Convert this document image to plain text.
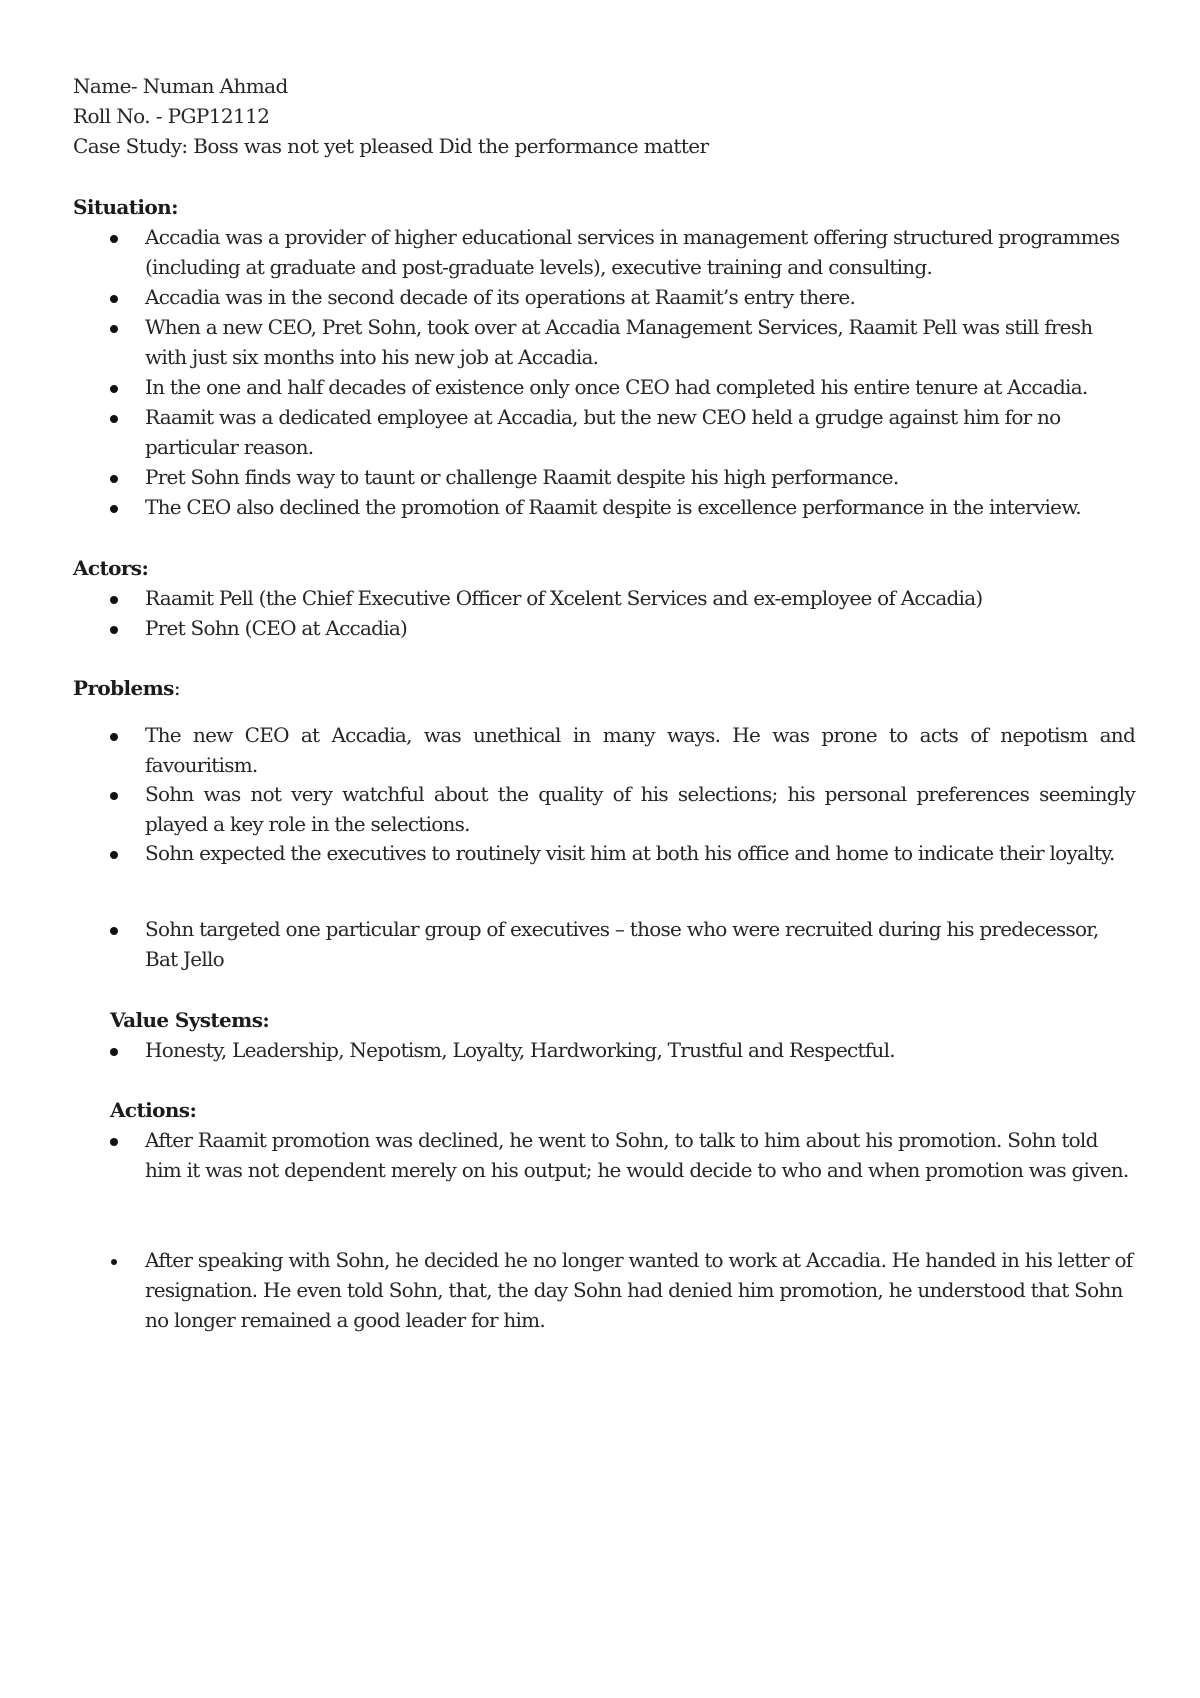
Name- Numan Ahmad
Roll No. - PGP12112
Case Study: Boss was not yet pleased Did the performance matter
Situation:
Accadia was a provider of higher educational services in management offering structured programmes (including at graduate and post-graduate levels), executive training and consulting.
Accadia was in the second decade of its operations at Raamit’s entry there.
When a new CEO, Pret Sohn, took over at Accadia Management Services, Raamit Pell was still fresh with just six months into his new job at Accadia.
In the one and half decades of existence only once CEO had completed his entire tenure at Accadia.
Raamit was a dedicated employee at Accadia, but the new CEO held a grudge against him for no particular reason.
Pret Sohn finds way to taunt or challenge Raamit despite his high performance.
The CEO also declined the promotion of Raamit despite is excellence performance in the interview.
Actors:
Raamit Pell (the Chief Executive Officer of Xcelent Services and ex-employee of Accadia)
Pret Sohn (CEO at Accadia)
Problems:
The new CEO at Accadia, was unethical in many ways. He was prone to acts of nepotism and favouritism.
Sohn was not very watchful about the quality of his selections; his personal preferences seemingly played a key role in the selections.
Sohn expected the executives to routinely visit him at both his office and home to indicate their loyalty.
Sohn targeted one particular group of executives – those who were recruited during his predecessor, Bat Jello
Value Systems:
Honesty, Leadership, Nepotism, Loyalty, Hardworking, Trustful and Respectful.
Actions:
After Raamit promotion was declined, he went to Sohn, to talk to him about his promotion. Sohn told him it was not dependent merely on his output; he would decide to who and when promotion was given.
After speaking with Sohn, he decided he no longer wanted to work at Accadia. He handed in his letter of resignation. He even told Sohn, that, the day Sohn had denied him promotion, he understood that Sohn no longer remained a good leader for him.
